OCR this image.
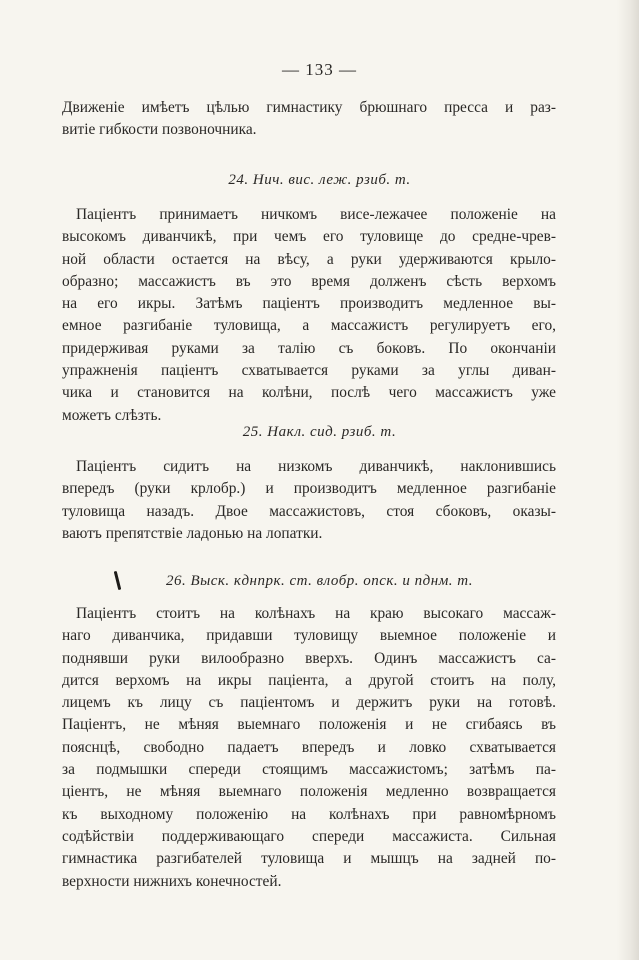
— 133 —
Движеніе имѣетъ цѣлью гимнастику брюшнаго пресса и раз-
витіе гибкости позвоночника.
24. Нич. вис. леж. рзиб. т.
Паціентъ принимаетъ ничкомъ висе-лежачее положеніе на
высокомъ диванчикѣ, при чемъ его туловище до средне-чрев-
ной области остается на вѣсу, а руки удерживаются крыло-
образно; массажистъ въ это время долженъ сѣсть верхомъ
на его икры. Затѣмъ паціентъ производитъ медленное вы-
емное разгибаніе туловища, а массажистъ регулируетъ его,
придерживая руками за талію съ боковъ. По окончаніи
упражненія паціентъ схватывается руками за углы диван-
чика и становится на колѣни, послѣ чего массажистъ уже
можетъ слѣзть.
25. Накл. сид. рзиб. т.
Паціентъ сидитъ на низкомъ диванчикѣ, наклонившись
впередъ (руки крлобр.) и производитъ медленное разгибаніе
туловища назадъ. Двое массажистовъ, стоя сбоковъ, оказы-
ваютъ препятствіе ладонью на лопатки.
26. Выск. кднпрк. ст. влобр. опск. и пднм. т.
Паціентъ стоитъ на колѣнахъ на краю высокаго массаж-
наго диванчика, придавши туловищу выемное положеніе и
поднявши руки вилообразно вверхъ. Одинъ массажистъ са-
дится верхомъ на икры паціента, а другой стоитъ на полу,
лицемъ къ лицу съ паціентомъ и держитъ руки на готовѣ.
Паціентъ, не мѣняя выемнаго положенія и не сгибаясь въ
пояснцѣ, свободно падаетъ впередъ и ловко схватывается
за подмышки спереди стоящимъ массажистомъ; затѣмъ па-
ціентъ, не мѣняя выемнаго положенія медленно возвращается
къ выходному положенію на колѣнахъ при равномѣрномъ
содѣйствіи поддерживающаго спереди массажиста. Сильная
гимнастика разгибателей туловища и мышцъ на задней по-
верхности нижнихъ конечностей.
